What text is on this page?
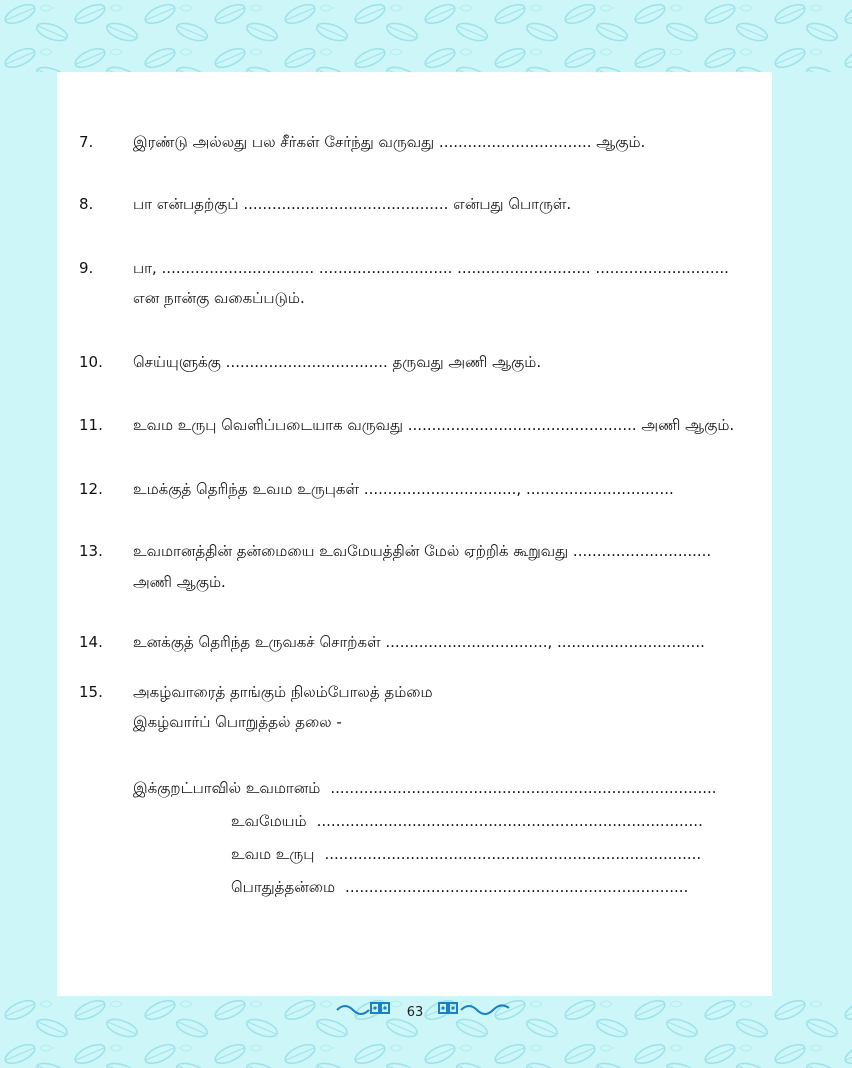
7.	இரண்டு அல்லது பல சீர்கள் சேர்ந்து வருவது ................................ ஆகும்.
8.	பா என்பதற்குப் ........................................... என்பது பொருள்.
9.	பா, ................................ ............................ ............................ ............................
என நான்கு வகைப்படும்.
10.	செய்யுளுக்கு .................................. தருவது அணி ஆகும்.
11.	உவம உருபு வெளிப்படையாக வருவது ................................................ அணி ஆகும்.
12.	உமக்குத் தெரிந்த உவம உருபுகள் ................................, ...............................
13.	உவமானத்தின் தன்மையை உவமேயத்தின் மேல் ஏற்றிக் கூறுவது .............................
அணி ஆகும்.
14.	உனக்குத் தெரிந்த உருவகச் சொற்கள் .................................., ...............................
15.	அகழ்வாரைத் தாங்கும் நிலம்போலத் தம்மை
இகழ்வார்ப் பொறுத்தல் தலை -
இக்குறட்பாவில் உவமானம் .................................................................................
உவமேயம் .................................................................................
உவம உருபு ...............................................................................
பொதுத்தன்மை ........................................................................
63
